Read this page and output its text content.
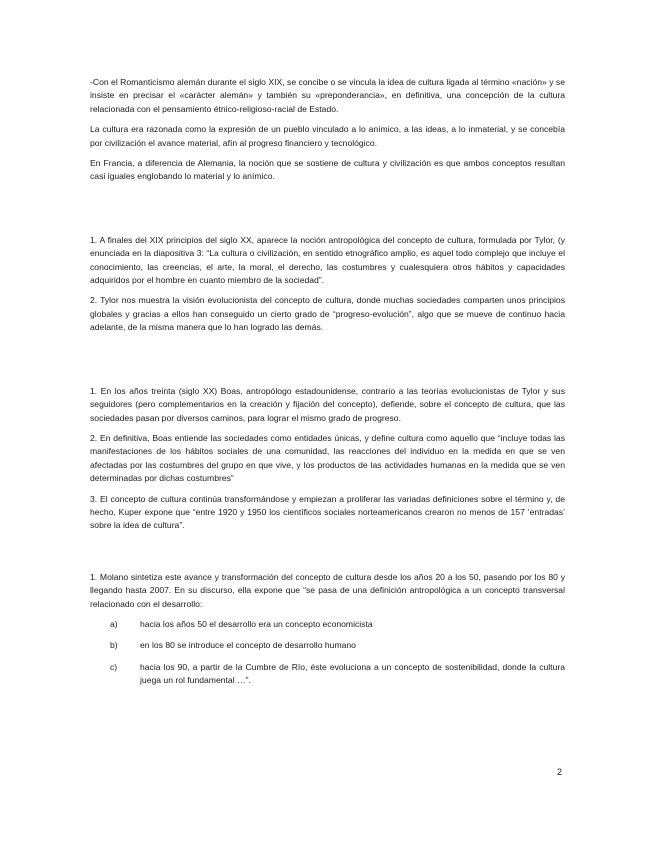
-Con el Romanticismo alemán durante el siglo XIX, se concibe o se vincula la idea de cultura ligada al término «nación» y se insiste en precisar el «carácter alemán» y también su «preponderancia», en definitiva, una concepción de la cultura relacionada con el pensamiento étnico-religioso-racial de Estado.

La cultura era razonada como la expresión de un pueblo vinculado a lo anímico, a las ideas, a lo inmaterial, y se concebía por civilización el avance material, afín al progreso financiero y tecnológico.

En Francia, a diferencia de Alemania, la noción que se sostiene de cultura y civilización es que ambos conceptos resultan casi iguales englobando lo material y lo anímico.

1. A finales del XIX principios del siglo XX, aparece la noción antropológica del concepto de cultura, formulada por Tylor, (y enunciada en la diapositiva 3: “La cultura o civilización, en sentido etnográfico amplio, es aquel todo complejo que incluye el conocimiento, las creencias, el arte, la moral, el derecho, las costumbres y cualesquiera otros hábitos y capacidades adquiridos por el hombre en cuanto miembro de la sociedad”.

2. Tylor nos muestra la visión evolucionista del concepto de cultura, donde muchas sociedades comparten unos principios globales y gracias a ellos han conseguido un cierto grado de “progreso-evolución”, algo que se mueve de continuo hacia adelante, de la misma manera que lo han logrado las demás.

1. En los años treinta (siglo XX) Boas, antropólogo estadounidense, contrario a las teorías evolucionistas de Tylor y sus seguidores (pero complementarios en la creación y fijación del concepto), defiende, sobre el concepto de cultura, que las sociedades pasan por diversos caminos, para lograr el mismo grado de progreso.

2. En definitiva, Boas entiende las sociedades como entidades únicas, y define cultura como aquello que “incluye todas las manifestaciones de los hábitos sociales de una comunidad, las reacciones del individuo en la medida en que se ven afectadas por las costumbres del grupo en que vive, y los productos de las actividades humanas en la medida que se ven determinadas por dichas costumbres”

3. El concepto de cultura continúa transformándose y empiezan a proliferar las variadas definiciones sobre el término y, de hecho, Kuper expone que “entre 1920 y 1950 los científicos sociales norteamericanos crearon no menos de 157 ‘entradas’ sobre la idea de cultura”.

1. Molano sintetiza este avance y transformación del concepto de cultura desde los años 20 a los 50, pasando por los 80 y llegando hasta 2007. En su discurso, ella expone que “se pasa de una definición antropológica a un concepto transversal relacionado con el desarrollo:

a)	hacia los años 50 el desarrollo era un concepto economicista
b)	en los 80 se introduce el concepto de desarrollo humano
c)	hacia los 90, a partir de la Cumbre de Río, éste evoluciona a un concepto de sostenibilidad, donde la cultura juega un rol fundamental …”.
2
